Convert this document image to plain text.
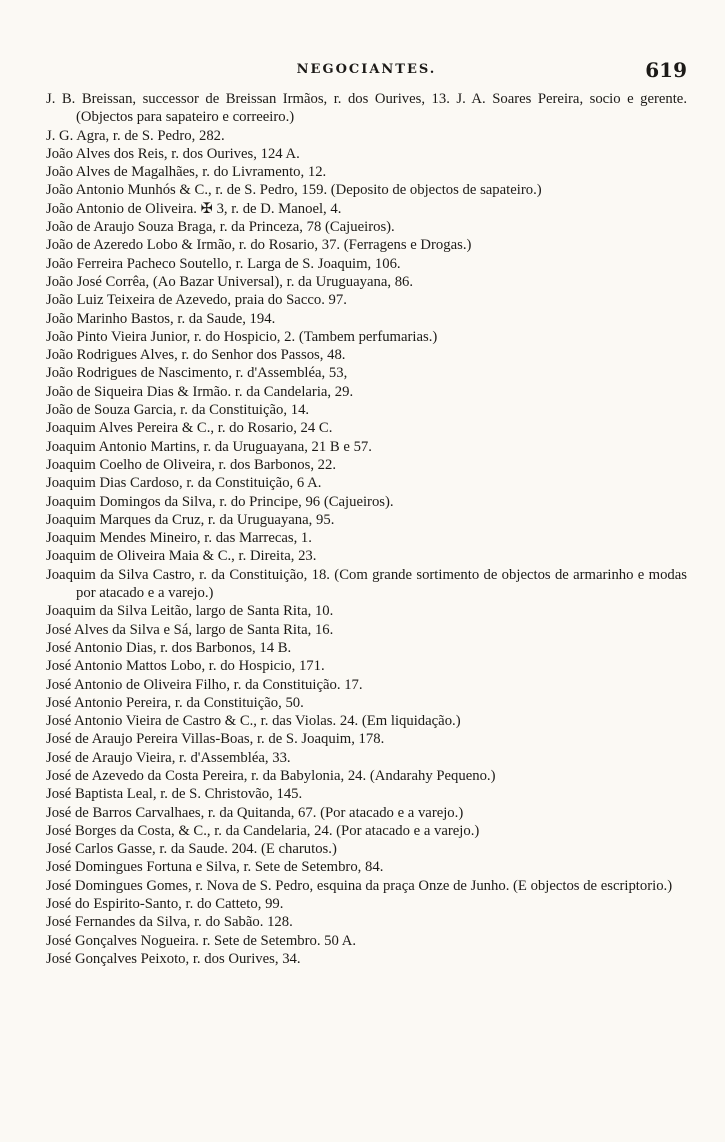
NEGOCIANTES.	619

J. B. Breissan, successor de Breissan Irmãos, r. dos Ourives, 13. J. A. Soares Pereira, socio e gerente. (Objectos para sapateiro e correeiro.)

J. G. Agra, r. de S. Pedro, 282.

João Alves dos Reis, r. dos Ourives, 124 A.

João Alves de Magalhães, r. do Livramento, 12.

João Antonio Munhós & C., r. de S. Pedro, 159. (Deposito de objectos de sapateiro.)

João Antonio de Oliveira. ✠ 3, r. de D. Manoel, 4.

João de Araujo Souza Braga, r. da Princeza, 78 (Cajueiros).

João de Azeredo Lobo & Irmão, r. do Rosario, 37. (Ferragens e Drogas.)

João Ferreira Pacheco Soutello, r. Larga de S. Joaquim, 106.

João José Corrêa, (Ao Bazar Universal), r. da Uruguayana, 86.

João Luiz Teixeira de Azevedo, praia do Sacco. 97.

João Marinho Bastos, r. da Saude, 194.

João Pinto Vieira Junior, r. do Hospicio, 2. (Tambem perfumarias.)

João Rodrigues Alves, r. do Senhor dos Passos, 48.

João Rodrigues de Nascimento, r. d'Assembléa, 53,

João de Siqueira Dias & Irmão. r. da Candelaria, 29.

João de Souza Garcia, r. da Constituição, 14.

Joaquim Alves Pereira & C., r. do Rosario, 24 C.

Joaquim Antonio Martins, r. da Uruguayana, 21 B e 57.

Joaquim Coelho de Oliveira, r. dos Barbonos, 22.

Joaquim Dias Cardoso, r. da Constituição, 6 A.

Joaquim Domingos da Silva, r. do Principe, 96 (Cajueiros).

Joaquim Marques da Cruz, r. da Uruguayana, 95.

Joaquim Mendes Mineiro, r. das Marrecas, 1.

Joaquim de Oliveira Maia & C., r. Direita, 23.

Joaquim da Silva Castro, r. da Constituição, 18. (Com grande sortimento de objectos de armarinho e modas por atacado e a varejo.)

Joaquim da Silva Leitão, largo de Santa Rita, 10.

José Alves da Silva e Sá, largo de Santa Rita, 16.

José Antonio Dias, r. dos Barbonos, 14 B.

José Antonio Mattos Lobo, r. do Hospicio, 171.

José Antonio de Oliveira Filho, r. da Constituição. 17.

José Antonio Pereira, r. da Constituição, 50.

José Antonio Vieira de Castro & C., r. das Violas. 24. (Em liquidação.)

José de Araujo Pereira Villas-Boas, r. de S. Joaquim, 178.

José de Araujo Vieira, r. d'Assembléa, 33.

José de Azevedo da Costa Pereira, r. da Babylonia, 24. (Andarahy Pequeno.)

José Baptista Leal, r. de S. Christovão, 145.

José de Barros Carvalhaes, r. da Quitanda, 67. (Por atacado e a varejo.)

José Borges da Costa, & C., r. da Candelaria, 24. (Por atacado e a varejo.)

José Carlos Gasse, r. da Saude. 204. (E charutos.)

José Domingues Fortuna e Silva, r. Sete de Setembro, 84.

José Domingues Gomes, r. Nova de S. Pedro, esquina da praça Onze de Junho. (E objectos de escriptorio.)

José do Espirito-Santo, r. do Catteto, 99.

José Fernandes da Silva, r. do Sabão. 128.

José Gonçalves Nogueira. r. Sete de Setembro. 50 A.

José Gonçalves Peixoto, r. dos Ourives, 34.
